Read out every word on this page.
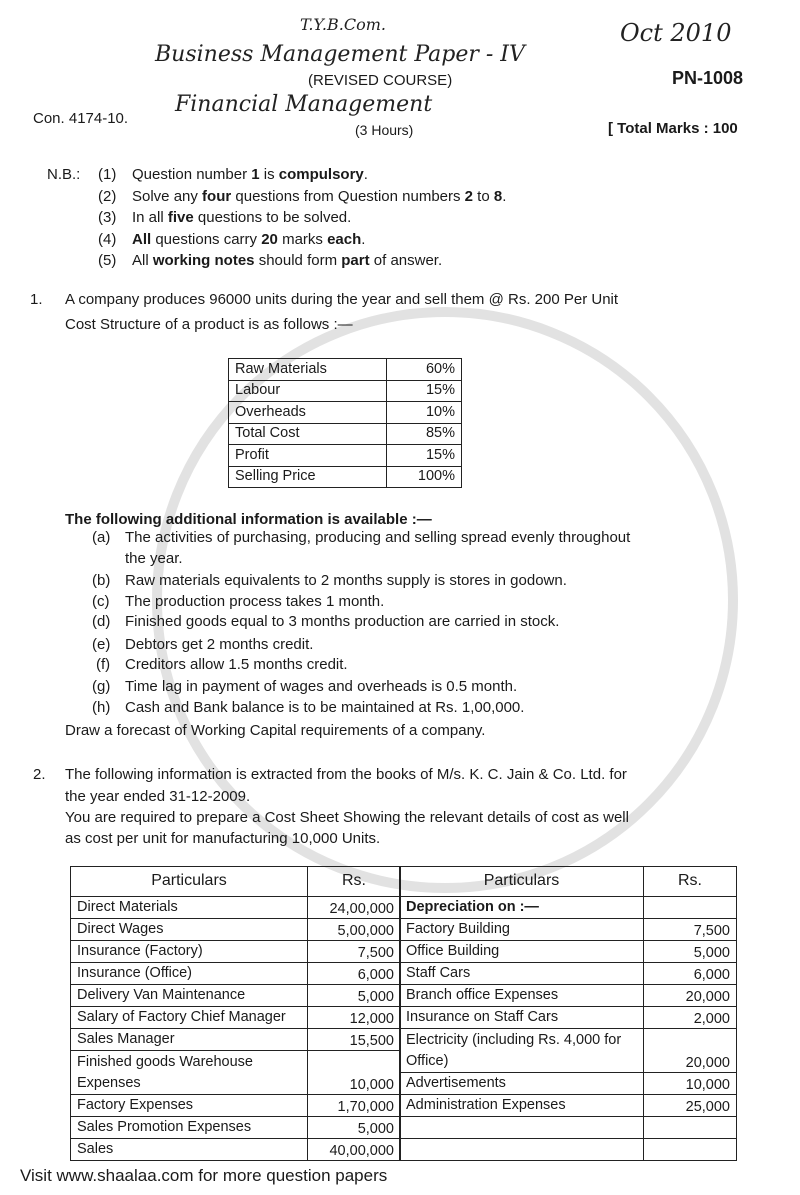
T.Y.B.Com.	Oct 2010
Business Management Paper - IV
PN-1008
(REVISED COURSE)
Financial Management
Con. 4174-10.
(3 Hours)	[ Total Marks : 100
N.B.: (1) Question number 1 is compulsory.
(2) Solve any four questions from Question numbers 2 to 8.
(3) In all five questions to be solved.
(4) All questions carry 20 marks each.
(5) All working notes should form part of answer.
1. A company produces 96000 units during the year and sell them @ Rs. 200 Per Unit
Cost Structure of a product is as follows :—
Raw Materials	60%
Labour	15%
Overheads	10%
Total Cost	85%
Profit	15%
Selling Price	100%
The following additional information is available :—
(a) The activities of purchasing, producing and selling spread evenly throughout
the year.
(b) Raw materials equivalents to 2 months supply is stores in godown.
(c) The production process takes 1 month.
(d) Finished goods equal to 3 months production are carried in stock.
(e) Debtors get 2 months credit.
(f) Creditors allow 1.5 months credit.
(g) Time lag in payment of wages and overheads is 0.5 month.
(h) Cash and Bank balance is to be maintained at Rs. 1,00,000.
Draw a forecast of Working Capital requirements of a company.
2. The following information is extracted from the books of M/s. K. C. Jain & Co. Ltd. for
the year ended 31-12-2009.
You are required to prepare a Cost Sheet Showing the relevant details of cost as well
as cost per unit for manufacturing 10,000 Units.
Particulars	Rs.
Direct Materials	24,00,000
Direct Wages	5,00,000
Insurance (Factory)	7,500
Insurance (Office)	6,000
Delivery Van Maintenance	5,000
Salary of Factory Chief Manager	12,000
Sales Manager	15,500
Finished goods Warehouse Expenses	10,000
Factory Expenses	1,70,000
Sales Promotion Expenses	5,000
Sales	40,00,000
Particulars	Rs.
Depreciation on :—	
Factory Building	7,500
Office Building	5,000
Staff Cars	6,000
Branch office Expenses	20,000
Insurance on Staff Cars	2,000
Electricity (including Rs. 4,000 for Office)	20,000
Advertisements	10,000
Administration Expenses	25,000

Visit www.shaalaa.com for more question papers
